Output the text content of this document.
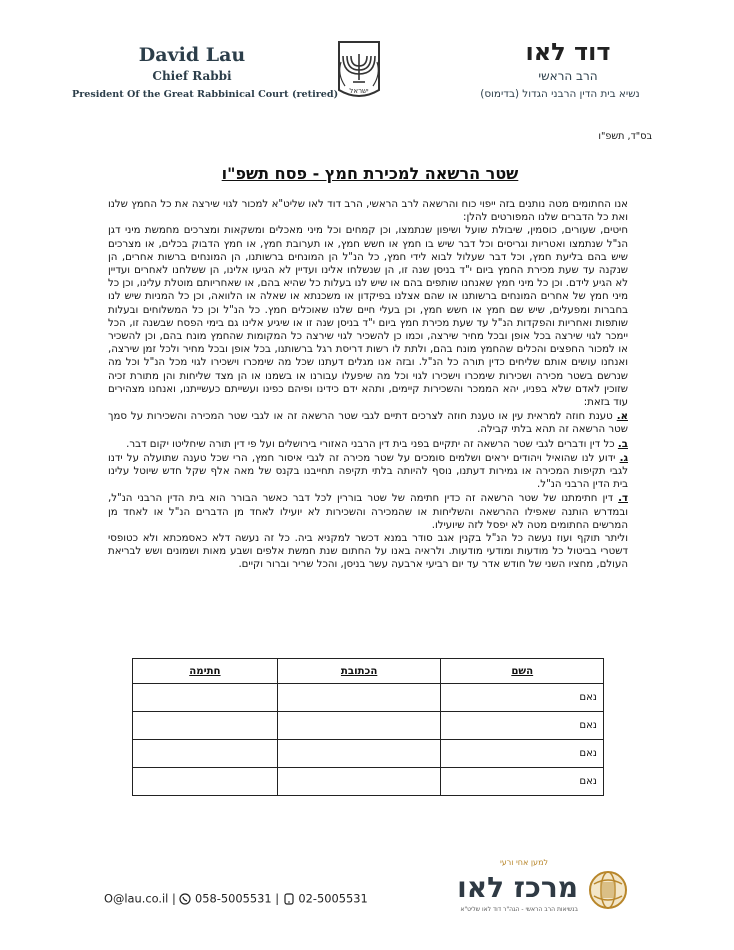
David Lau
Chief Rabbi
President Of the Great Rabbinical Court (retired) ישראל
דוד לאו
הרב הראשי
נשיא בית הדין הרבני הגדול (בדימוס)
בס"ד, תשפ"ו
שטר הרשאה למכירת חמץ - פסח תשפ"ו

אנו החתומים מטה נותנים בזה ייפוי כוח והרשאה לרב הראשי, הרב דוד לאו שליט"א למכור לגוי שירצה את כל החמץ שלנו ואת כל הדברים שלנו המפורטים להלן:

חיטים, שעורים, כוסמין, שיבולת שועל ושיפון שנתמצו, וכן קמחים וכל מיני מאכלים ומשקאות ומצרכים מחמשת מיני דגן הנ"ל שנתמצו ואטריות וגריסים וכל דבר שיש בו חמץ או חשש חמץ, או תערובת חמץ, או חמץ הדבוק בכלים, או מצרכים שיש בהם בליעת חמץ, וכל דבר שעלול לבוא לידי חמץ, כל הנ"ל הן המונחים ברשותנו, הן המונחים ברשות אחרים, הן שנקנה עד שעת מכירת החמץ ביום י"ד בניסן שנה זו, הן שנשלחו אלינו ועדיין לא הגיעו אלינו, הן ששלחנו לאחרים ועדיין לא הגיע לידם. וכן כל מיני חמץ שאנחנו שותפים בהם או שיש לנו בעלות כל שהיא בהם, או שאחריותם מוטלת עלינו, וכן כל מיני חמץ של אחרים המונחים ברשותנו או שהם אצלנו בפיקדון או משכנתא או שאלה או הלוואה, וכן כל המניות שיש לנו בחברות ומפעלים, שיש שם חמץ או חשש חמץ, וכן בעלי חיים שלנו שאוכלים חמץ. כל הנ"ל וכן כל המשלוחים ובעלות שותפות ואחריות והפקדות הנ"ל עד שעת מכירת חמץ ביום י"ד בניסן שנה זו או שיגיע אלינו גם בימי הפסח שבשנה זו, הכל יימכר לגוי שירצה בכל אופן ובכל מחיר שירצה, וכמו כן להשכיר לגוי שירצה כל המקומות שהחמץ מונח בהם, וכן להשכיר או למכור החפצים והכלים שהחמץ מונח בהם, ולתת לו רשות דריסת רגל ברשותנו, בכל אופן ובכל מחיר ולכל זמן שירצה, ואנחנו עושים אותם שליחים כדין תורה כל הנ"ל. ובזה אנו מגלים דעתנו שכל מה שימכרו וישכירו לגוי מכל הנ"ל וכל מה שנרשם בשטר מכירה ושכירות שימכרו וישכירו לגוי וכל מה שיפעלו עבורנו או בשמנו או הן מצד שליחות והן מתורת זכיה שזוכין לאדם שלא בפניו, יהא הממכר והשכירות קיימים, ותהא ידם כידינו ופיהם כפינו ועשייתם כעשייתנו, ואנחנו מצהירים עוד בזאת:

א. טענת חוזה למראית עין או טענת חוזה לצרכים דתיים לגבי שטר הרשאה זה או לגבי שטר המכירה והשכירות על סמך שטר הרשאה זה תהא בלתי קבילה.

ב. כל דין ודברים לגבי שטר הרשאה זה יתקיים בפני בית דין הרבני האזורי בירושלים ועל פי דין תורה שיחליטו יקום דבר.

ג. ידוע לנו שהואיל ויהודים יראים ושלמים סומכים על שטר מכירה זה לגבי איסור חמץ, הרי שכל טענה שתועלה על ידנו לגבי תקיפות המכירה או גמירות דעתנו, נוסף להיותה בלתי תקיפה תחייבנו בקנס של מאה אלף שקל חדש שיוטל עלינו בית הדין הרבני הנ"ל.

ד. דין חתימתנו של שטר הרשאה זה כדין חתימה של שטר בוררין לכל דבר כאשר הבורר הוא בית הדין הרבני הנ"ל, ובמדרש הותנה שאפילו ההרשאה והשליחות או שהמכירה והשכירות לא יועילו לאחד מן הדברים הנ"ל או לאחד מן המרשים החתומים מטה לא יפסל לזה שיועילו.

וליתר תוקף ועוז נעשה כל הנ"ל בקנין אגב סודר במנא דכשר למקניא ביה. כל זה נעשה דלא כאסמכתא ולא כטופסי דשטרי בביטול כל מודעות ומודעי מודעות. ולראיה באנו על החתום שנת חמשת אלפים ושבע מאות ושמונים ושש לבריאת העולם, מחציו השני של חודש אדר עד יום רביעי ארבעה עשר בניסן, והכל שריר וברור וקיים.

השם	הכתובת	חתימה
נאם		
נאם		
נאם		
נאם		
O@lau.co.il | 058-5005531 | 02-5005531
למען אחי ורעי
מרכז לאו
בנשיאות הרב הראשי - הגה"ר דוד לאו שליט"א
